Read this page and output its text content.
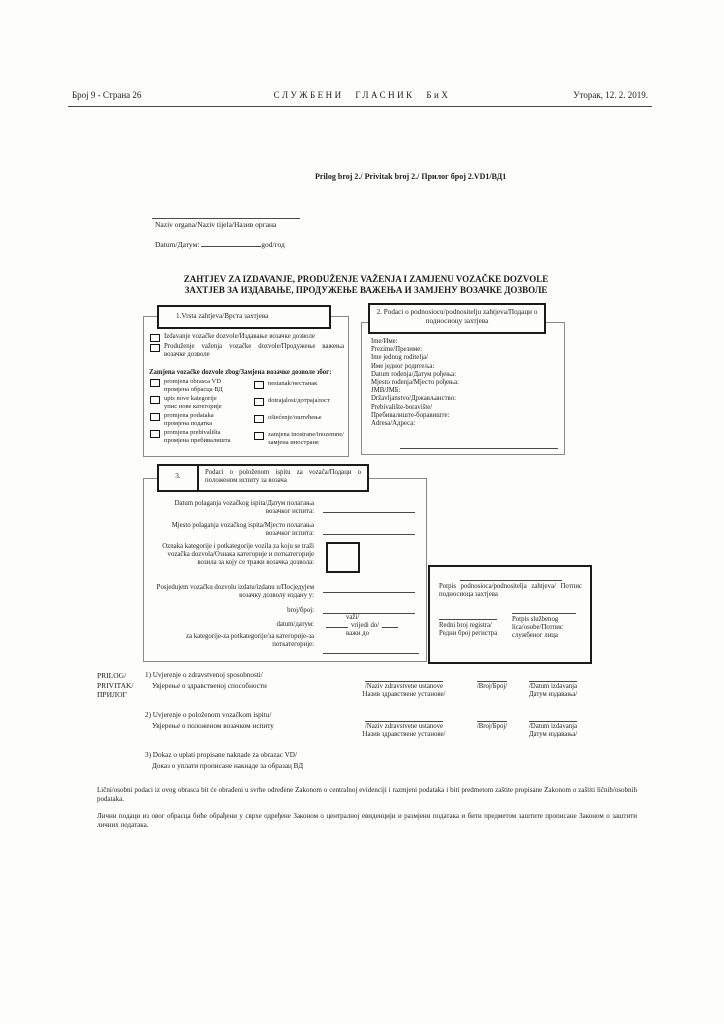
Број 9 - Страна 26	СЛУЖБЕНИ ГЛАСНИК БиХ	Уторак, 12. 2. 2019.
Prilog broj 2./ Privitak broj 2./ Прилог број 2.VD1/ВД1
Naziv organa/Naziv tijela/Назив органа
Datum/Датум:	god/год
ZAHTJEV ZA IZDAVANJE, PRODUŽENJE VAŽENJA I ZAMJENU VOZAČKE DOZVOLE
ЗАХТЈЕВ ЗА ИЗДАВАЊЕ, ПРОДУЖЕЊЕ ВАЖЕЊА И ЗАМЈЕНУ ВОЗАЧКЕ ДОЗВОЛЕ
Izdavanje vozačke dozvole/Издавање возачке дозволе
Produženje važenja vozačke dozvole/Продужење важења возачке дозволе
Zamjena vozačke dozvole zbog/Замјена возачке дозволе због:
promjena obrasca VD
промјена обрасца ВД
upis nove kategorije
упис нове категорије
promjena podataka
промјена податка
promjena prebivališta
промјена пребивалишта
nestanak/нестанак
dotrajalost/дотрајалост
oštećenje/оштећење
zamjena inostrane/inozemne/
замјена иностране
1.Vrsta zahtjeva/Врста захтјева
Ime/Име:
Prezime/Презиме:
Ime jednog roditelja/
Име једног родитеља:
Datum rođenja/Датум рођења:
Mjesto rođenja/Мјесто рођења:
JMB/ЈМБ:
Državljanstvo/Држављанство:
Prebivalište-boravište/
Пребивалиште-боравиште:
Adresa/Адреса:
2. Podaci o podnosiocu/podnositelju zahtjeva/Подаци о подносиоцу захтјева
Datum polaganja vozačkog ispita/Датум полагања возачког испита:
Mjesto polaganja vozačkog ispita/Мјесто полагања возачког испита:
Oznaka kategorije i potkategorije vozila za koju se traži vozačka dozvola/Ознака категорије и поткатегорије возила за коју се тражи возачка дозвола:
Posjedujem vozačku dozvolu izdatu/izdanu u/Посједујем возачку дозволу издану у:
broj/број:
datum/датум:
važi/
vrijedi do/
важи до
za kategorije-za potkategorije/за категорије-за поткатегорије:
3.	Podaci o položenom ispitu za vozača/Подаци о положеном испиту за возача
Potpis podnosioca/podnositelja zahtjeva/ Потпис подносиоца захтјева
Redni broj registra/
Редни број регистра
Potpis službenog lica/osobe/Потпис службеног лица
PRILOG/
PRIVITAK/
ПРИЛОГ
1) Uvjerenje o zdravstvenoj sposobnosti/
Увјерење о здравственој способности	/Naziv zdravstvene ustanove
Назив здравствене установе/
/Broj/Број/	/Datum izdavanja
Датум издавања/
2) Uvjerenje o položenom vozačkom ispitu/
Увјерење о положеном возачком испиту	/Naziv zdravstvene ustanove
Назив здравствене установе/
/Broj/Број/	/Datum izdavanja
Датум издавања/
3) Dokaz o uplati propisane naknade za obrazac VD/
Доказ о уплати прописане накнаде за образац ВД
Lični/osobni podaci iz ovog obrasca bit će obrađeni u svrhe određene Zakonom o centralnoj evidenciji i razmjeni podataka i biti predmetom zaštite propisane Zakonom o zaštiti ličnih/osobnih podataka.
Лични подаци из овог обрасца биће обрађени у сврхе одређене Законом о централној евиденцији и размјени података и бити предметом заштите прописане Законом о заштити личних података.
